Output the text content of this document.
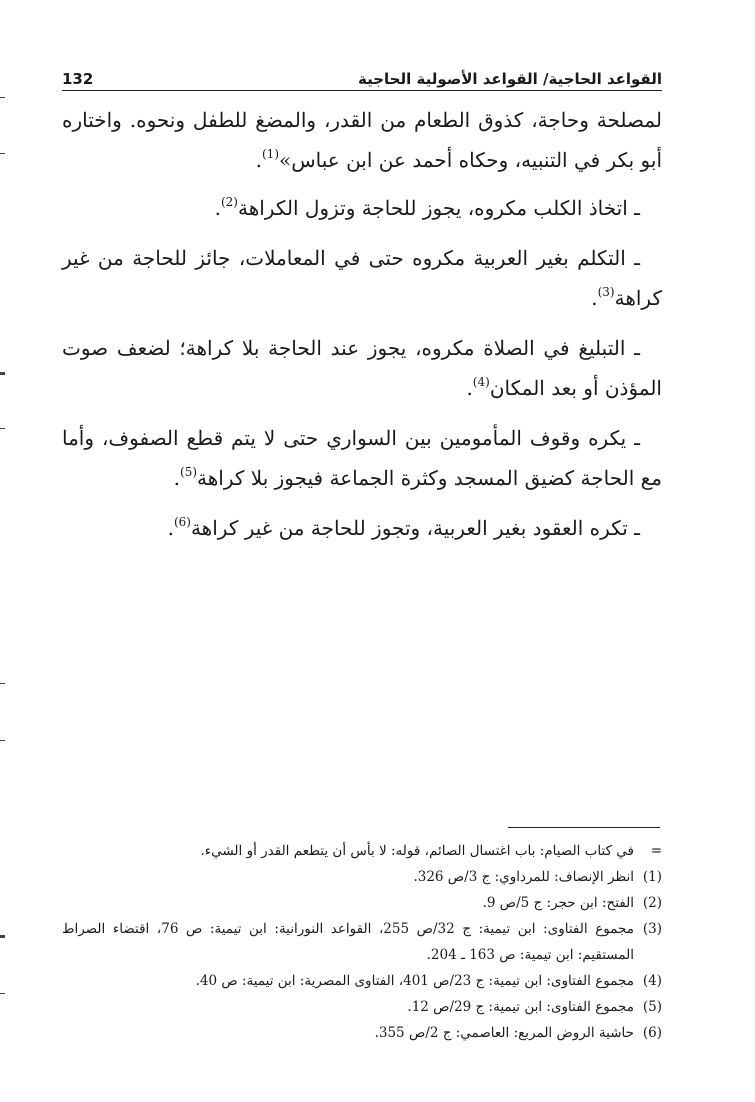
القواعد الحاجية/ القواعد الأصولية الحاجية
132

لمصلحة وحاجة، كذوق الطعام من القدر، والمضغ للطفل ونحوه. واختاره أبو بكر في التنبيه، وحكاه أحمد عن ابن عباس»$^{(1)}$.

ـ اتخاذ الكلب مكروه، يجوز للحاجة وتزول الكراهة$^{(2)}$.

ـ التكلم بغير العربية مكروه حتى في المعاملات، جائز للحاجة من غير كراهة$^{(3)}$.

ـ التبليغ في الصلاة مكروه، يجوز عند الحاجة بلا كراهة؛ لضعف صوت المؤذن أو بعد المكان$^{(4)}$.

ـ يكره وقوف المأمومين بين السواري حتى لا يتم قطع الصفوف، وأما مع الحاجة كضيق المسجد وكثرة الجماعة فيجوز بلا كراهة$^{(5)}$.

ـ تكره العقود بغير العربية، وتجوز للحاجة من غير كراهة$^{(6)}$.

=
في كتاب الصيام: باب اغتسال الصائم، قوله: لا بأس أن يتطعم القدر أو الشيء.
(1)
انظر الإنصاف: للمرداوي: ج 3/ص 326.
(2)
الفتح: ابن حجر: ج 5/ص 9.
(3)
مجموع الفتاوى: ابن تيمية: ج 32/ص 255، القواعد النورانية: ابن تيمية: ص 76، اقتضاء الصراط المستقيم: ابن تيمية: ص 163 ـ 204.
(4)
مجموع الفتاوى: ابن تيمية: ج 23/ص 401، الفتاوى المصرية: ابن تيمية: ص 40.
(5)
مجموع الفتاوى: ابن تيمية: ج 29/ص 12.
(6)
حاشية الروض المربع: العاصمي: ج 2/ص 355.
